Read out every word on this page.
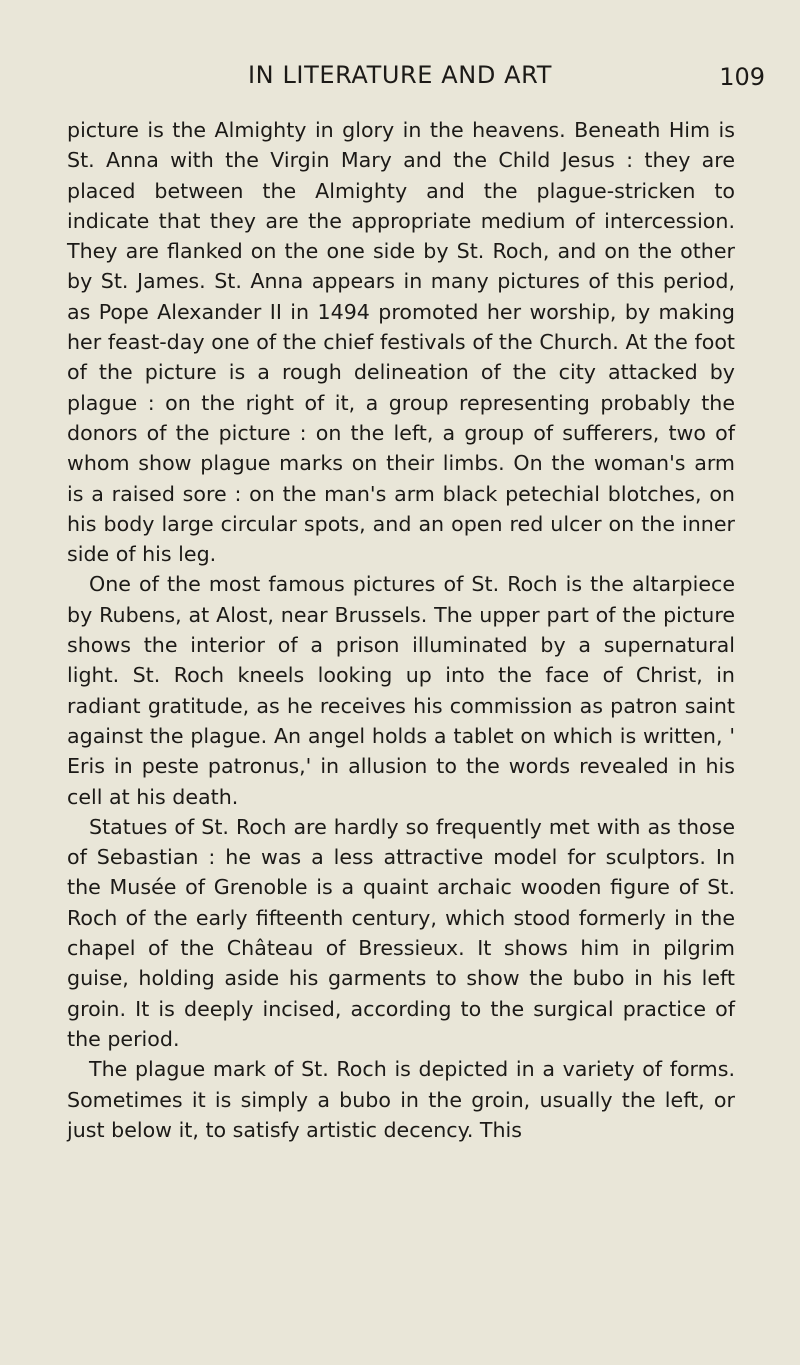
IN LITERATURE AND ART	109

picture is the Almighty in glory in the heavens. Beneath Him is St. Anna with the Virgin Mary and the Child Jesus : they are placed between the Almighty and the plague-stricken to indicate that they are the appropriate medium of intercession. They are flanked on the one side by St. Roch, and on the other by St. James. St. Anna appears in many pictures of this period, as Pope Alexander II in 1494 promoted her worship, by making her feast-day one of the chief festivals of the Church. At the foot of the picture is a rough delineation of the city attacked by plague : on the right of it, a group representing probably the donors of the picture : on the left, a group of sufferers, two of whom show plague marks on their limbs. On the woman's arm is a raised sore : on the man's arm black petechial blotches, on his body large circular spots, and an open red ulcer on the inner side of his leg.

One of the most famous pictures of St. Roch is the altarpiece by Rubens, at Alost, near Brussels. The upper part of the picture shows the interior of a prison illuminated by a supernatural light. St. Roch kneels looking up into the face of Christ, in radiant gratitude, as he receives his commission as patron saint against the plague. An angel holds a tablet on which is written, ' Eris in peste patronus,' in allusion to the words revealed in his cell at his death.

Statues of St. Roch are hardly so frequently met with as those of Sebastian : he was a less attractive model for sculptors. In the Musée of Grenoble is a quaint archaic wooden figure of St. Roch of the early fifteenth century, which stood formerly in the chapel of the Château of Bressieux. It shows him in pilgrim guise, holding aside his garments to show the bubo in his left groin. It is deeply incised, according to the surgical practice of the period.

The plague mark of St. Roch is depicted in a variety of forms. Sometimes it is simply a bubo in the groin, usually the left, or just below it, to satisfy artistic decency. This
